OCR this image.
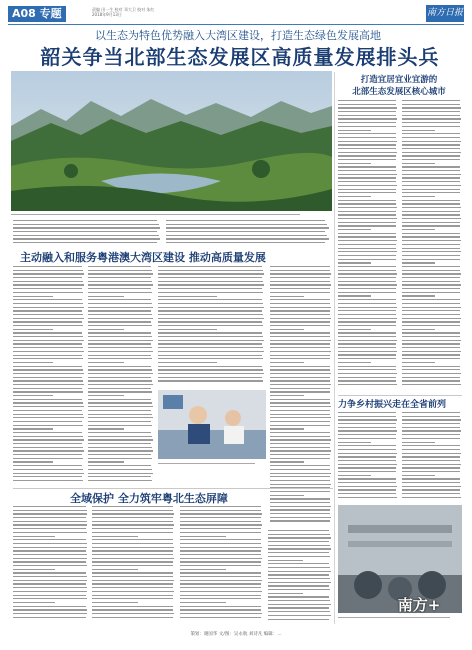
A08 专题	责编 田一生 校对 邓大卫 校对 朱红
2018年9月13日	南方日报
以生态为特色优势融入大湾区建设，打造生态绿色发展高地
韶关争当北部生态发展区高质量发展排头兵
打造宜居宜业宜游的
北部生态发展区核心城市
主动融入和服务粤港澳大湾区建设 推动高质量发展
全域保护 全力筑牢粤北生态屏障
力争乡村振兴走在全省前列
南方+
策划：谢国华 文/图：吴永航 刘诗凡 编辑：...
